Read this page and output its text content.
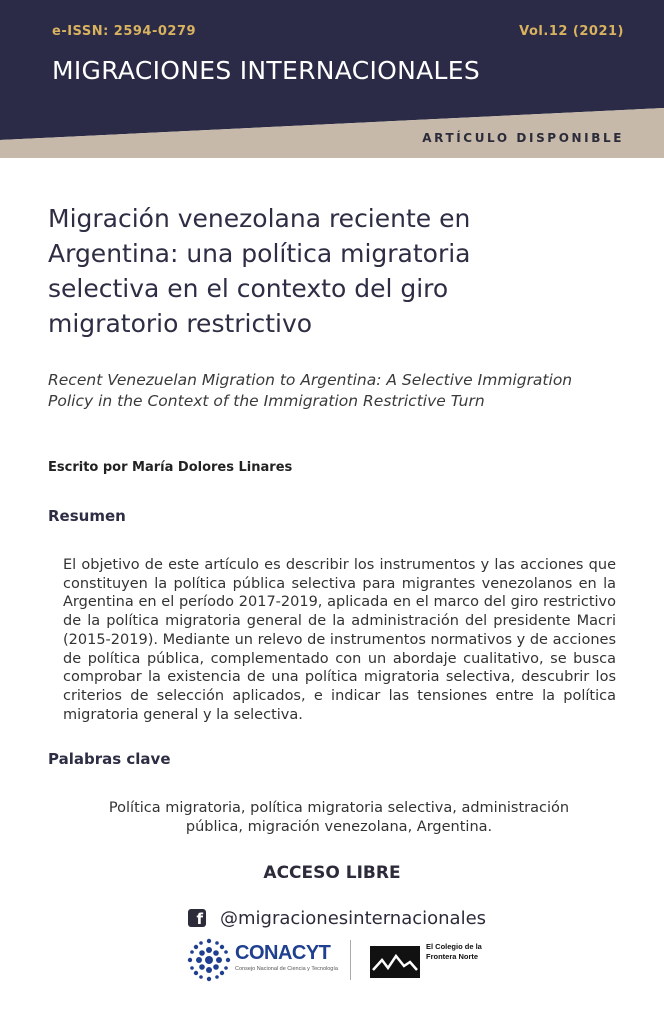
e-ISSN: 2594-0279	Vol.12 (2021)
MIGRACIONES INTERNACIONALES
ARTÍCULO DISPONIBLE
Migración venezolana reciente en Argentina: una política migratoria selectiva en el contexto del giro migratorio restrictivo
Recent Venezuelan Migration to Argentina: A Selective Immigration Policy in the Context of the Immigration Restrictive Turn
Escrito por María Dolores Linares
Resumen
El objetivo de este artículo es describir los instrumentos y las acciones que constituyen la política pública selectiva para migrantes venezolanos en la Argentina en el período 2017-2019, aplicada en el marco del giro restrictivo de la política migratoria general de la administración del presidente Macri (2015-2019). Mediante un relevo de instrumentos normativos y de acciones de política pública, complementado con un abordaje cualitativo, se busca comprobar la existencia de una política migratoria selectiva, descubrir los criterios de selección aplicados, e indicar las tensiones entre la política migratoria general y la selectiva.
Palabras clave
Política migratoria, política migratoria selectiva, administración pública, migración venezolana, Argentina.
ACCESO LIBRE
f @migracionesinternacionales
CONACYT
Consejo Nacional de Ciencia y Tecnología
El Colegio de la Frontera Norte
